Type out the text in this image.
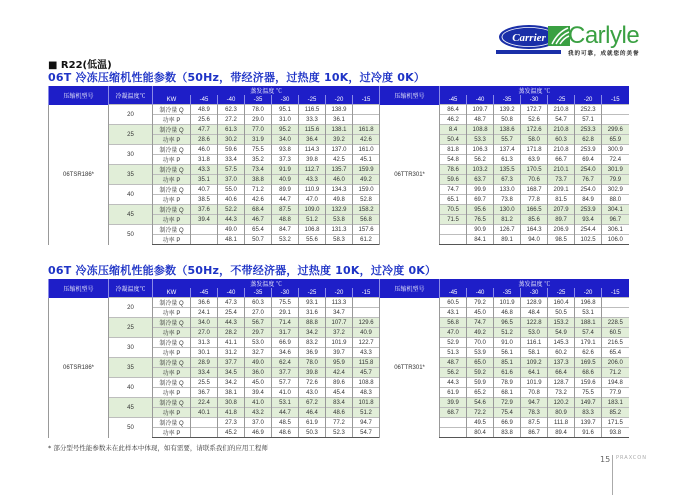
Carrier Carlyle
我的可靠，成就您的美誉
■ R22(低温)
06T 冷冻压缩机性能参数（50Hz，带经济器，过热度 10K，过冷度 0K）
压缩机型号	冷凝温度℃	蒸发温度 ℃								压缩机型号	蒸发温度 ℃						
		KW	-45	-40	-35	-30	-25	-20	-15		-45	-40	-35	-30	-25	-20	-15
06TSR186*	20	制冷量 Q	48.9	62.3	78.0	95.1	116.5	138.9		06TTR301*	86.4	109.7	139.2	172.7	210.8	252.3	
		功率 P	25.6	27.2	29.0	31.0	33.3	36.1			46.2	48.7	50.8	52.6	54.7	57.1	
	25	制冷量 Q	47.7	61.3	77.0	95.2	115.6	138.1	161.8		8.4	108.8	138.6	172.6	210.8	253.3	299.6
		功率 P	28.6	30.2	31.9	34.0	36.4	39.2	42.6		50.4	53.3	55.7	58.0	60.3	62.8	65.9
	30	制冷量 Q	46.0	59.6	75.5	93.8	114.3	137.0	161.0		81.8	106.3	137.4	171.8	210.8	253.9	300.9
		功率 P	31.8	33.4	35.2	37.3	39.8	42.5	45.1		54.8	56.2	61.3	63.9	66.7	69.4	72.4
	35	制冷量 Q	43.3	57.5	73.4	91.9	112.7	135.7	159.9		78.6	103.2	135.5	170.5	210.1	254.0	301.9
		功率 P	35.1	37.0	38.8	40.9	43.3	46.0	49.2		59.6	63.7	67.3	70.6	73.7	76.7	79.9
	40	制冷量 Q	40.7	55.0	71.2	89.9	110.9	134.3	159.0		74.7	99.9	133.0	168.7	209.1	254.0	302.9
		功率 P	38.5	40.6	42.6	44.7	47.0	49.8	52.8		65.1	69.7	73.8	77.8	81.5	84.9	88.0
	45	制冷量 Q	37.6	52.2	68.4	87.5	109.0	132.9	158.2		70.5	95.6	130.0	166.5	207.9	253.9	304.1
		功率 P	39.4	44.3	46.7	48.8	51.2	53.8	56.8		71.5	76.5	81.2	85.6	89.7	93.4	96.7
	50	制冷量 Q		49.0	65.4	84.7	106.8	131.3	157.6			90.9	126.7	164.3	206.9	254.4	306.1
		功率 P		48.1	50.7	53.2	55.6	58.3	61.2			84.1	89.1	94.0	98.5	102.5	106.0
06T 冷冻压缩机性能参数（50Hz，不带经济器，过热度 10K，过冷度 0K）
压缩机型号	冷凝温度℃	蒸发温度 ℃								压缩机型号	蒸发温度 ℃						
		KW	-45	-40	-35	-30	-25	-20	-15		-45	-40	-35	-30	-25	-20	-15
06TSR186*	20	制冷量 Q	36.6	47.3	60.3	75.5	93.1	113.3		06TTR301*	60.5	79.2	101.9	128.9	160.4	196.8	
		功率 P	24.1	25.4	27.0	29.1	31.6	34.7			43.1	45.0	46.8	48.4	50.5	53.1	
	25	制冷量 Q	34.0	44.3	56.7	71.4	88.8	107.7	129.6		56.8	74.7	96.5	122.8	153.2	188.1	228.5
		功率 P	27.0	28.2	29.7	31.7	34.2	37.2	40.9		47.0	49.2	51.2	53.0	54.9	57.4	60.5
	30	制冷量 Q	31.3	41.1	53.0	66.9	83.2	101.9	122.7		52.9	70.0	91.0	116.1	145.3	179.1	216.5
		功率 P	30.1	31.2	32.7	34.6	36.9	39.7	43.3		51.3	53.9	56.1	58.1	60.2	62.6	65.4
	35	制冷量 Q	28.9	37.7	49.0	62.4	78.0	95.9	115.8		48.7	65.0	85.1	109.2	137.3	169.5	206.0
		功率 P	33.4	34.5	36.0	37.7	39.8	42.4	45.7		56.2	59.2	61.6	64.1	66.4	68.6	71.2
	40	制冷量 Q	25.5	34.2	45.0	57.7	72.6	89.6	108.8		44.3	59.9	78.9	101.9	128.7	159.6	194.8
		功率 P	36.7	38.1	39.4	41.0	43.0	45.4	48.3		61.9	65.2	68.1	70.8	73.2	75.5	77.9
	45	制冷量 Q	22.4	30.8	41.0	53.1	67.2	83.4	101.8		39.9	54.6	72.9	94.7	120.2	149.7	183.1
		功率 P	40.1	41.8	43.2	44.7	46.4	48.6	51.2		68.7	72.2	75.4	78.3	80.9	83.3	85.2
	50	制冷量 Q		27.3	37.0	48.5	61.9	77.2	94.7			49.5	66.9	87.5	111.8	139.7	171.5
		功率 P		45.2	46.9	48.6	50.3	52.3	54.7			80.4	83.8	86.7	89.4	91.6	93.8
* 部分型号性能参数未在此样本中体现，如有需要，请联系我们的应用工程师
15 PRAXCON
